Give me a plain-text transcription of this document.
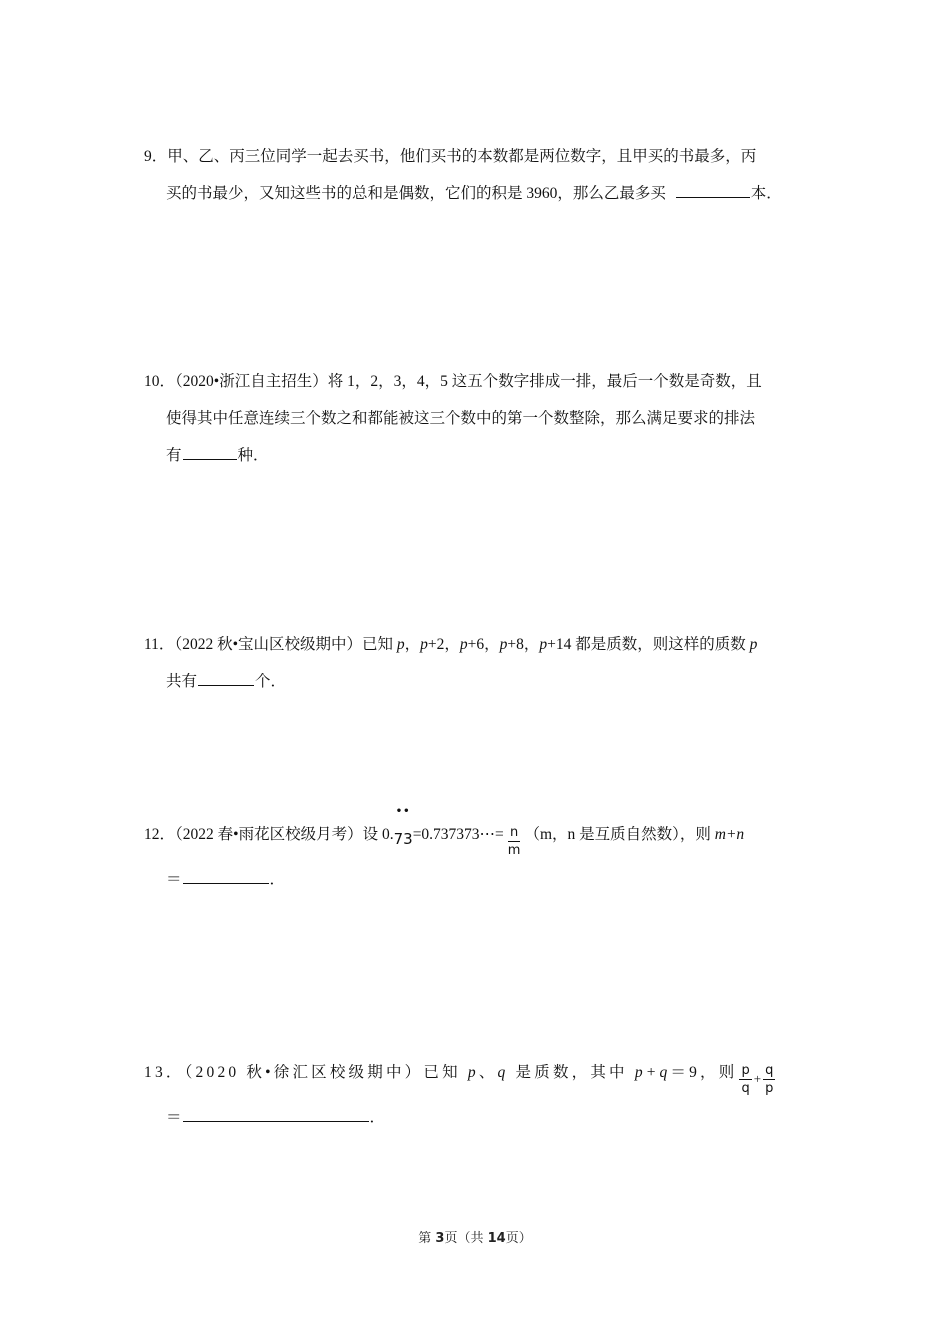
9．甲、乙、丙三位同学一起去买书，他们买书的本数都是两位数字，且甲买的书最多，丙
买的书最少，又知这些书的总和是偶数，它们的积是 3960，那么乙最多买	本．
10．（2020•浙江自主招生）将 1，2，3，4，5 这五个数字排成一排，最后一个数是奇数，且
使得其中任意连续三个数之和都能被这三个数中的第一个数整除，那么满足要求的排法
有	种．
11．（2022 秋•宝山区校级期中）已知 p，p+2，p+6，p+8，p+14 都是质数，则这样的质数 p
共有	个．
12．（2022 春•雨花区校级月考）设 0.
••
73=0.737373⋯= $\frac{n}{m} (m$，n 是互质自然数），则 m+n
＝	．
13．（2020 秋•徐汇区校级期中）已知 p、q 是质数，其中 p+q＝9，则 $\frac{p}{q} _+ \frac{q}{p}$
＝	．
第 3页（共 14页）
